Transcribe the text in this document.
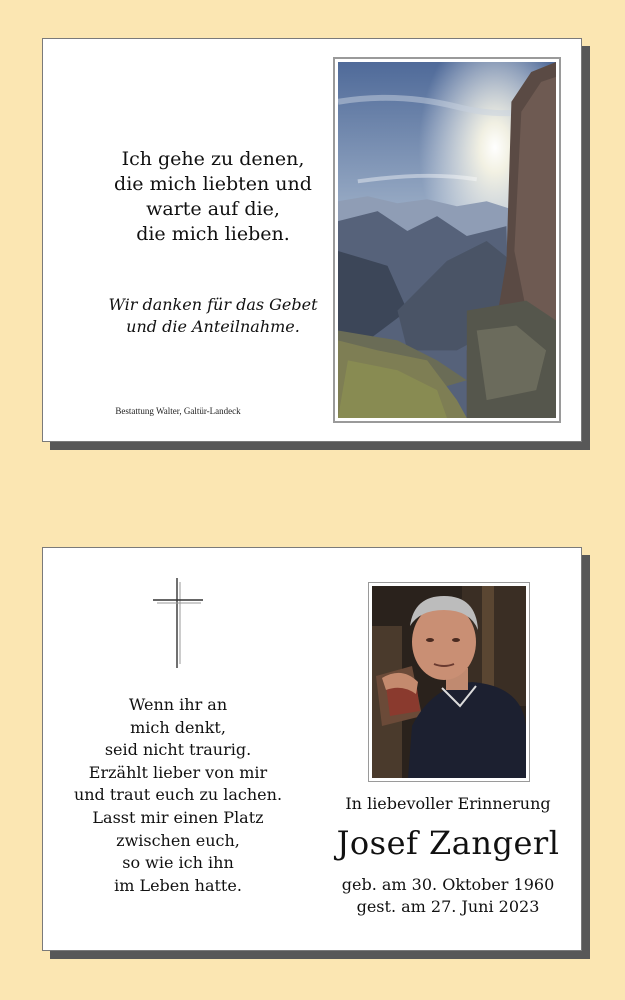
Ich gehe zu denen,
die mich liebten und
warte auf die,
die mich lieben.
Wir danken für das Gebet
und die Anteilnahme.
Bestattung Walter, Galtür-Landeck
Wenn ihr an
mich denkt,
seid nicht traurig.
Erzählt lieber von mir
und traut euch zu lachen.
Lasst mir einen Platz
zwischen euch,
so wie ich ihn
im Leben hatte.
In liebevoller Erinnerung
Josef Zangerl
geb. am 30. Oktober 1960
gest. am 27. Juni 2023
